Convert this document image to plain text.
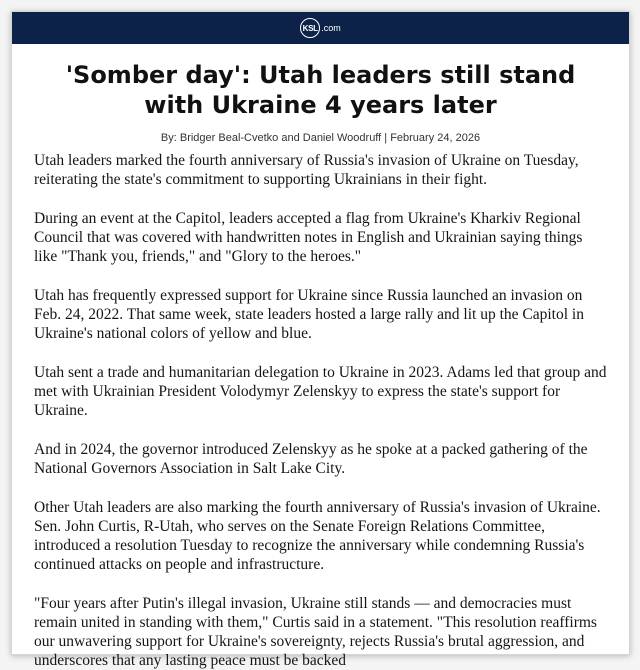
KSL .com
'Somber day': Utah leaders still stand with Ukraine 4 years later
By: Bridger Beal-Cvetko and Daniel Woodruff | February 24, 2026

Utah leaders marked the fourth anniversary of Russia's invasion of Ukraine on Tuesday, reiterating the state's commitment to supporting Ukrainians in their fight.

During an event at the Capitol, leaders accepted a flag from Ukraine's Kharkiv Regional Council that was covered with handwritten notes in English and Ukrainian saying things like "Thank you, friends," and "Glory to the heroes."

Utah has frequently expressed support for Ukraine since Russia launched an invasion on Feb. 24, 2022. That same week, state leaders hosted a large rally and lit up the Capitol in Ukraine's national colors of yellow and blue.

Utah sent a trade and humanitarian delegation to Ukraine in 2023. Adams led that group and met with Ukrainian President Volodymyr Zelenskyy to express the state's support for Ukraine.

And in 2024, the governor introduced Zelenskyy as he spoke at a packed gathering of the National Governors Association in Salt Lake City.

Other Utah leaders are also marking the fourth anniversary of Russia's invasion of Ukraine. Sen. John Curtis, R-Utah, who serves on the Senate Foreign Relations Committee, introduced a resolution Tuesday to recognize the anniversary while condemning Russia's continued attacks on people and infrastructure.

"Four years after Putin's illegal invasion, Ukraine still stands — and democracies must remain united in standing with them," Curtis said in a statement. "This resolution reaffirms our unwavering support for Ukraine's sovereignty, rejects Russia's brutal aggression, and underscores that any lasting peace must be backed
